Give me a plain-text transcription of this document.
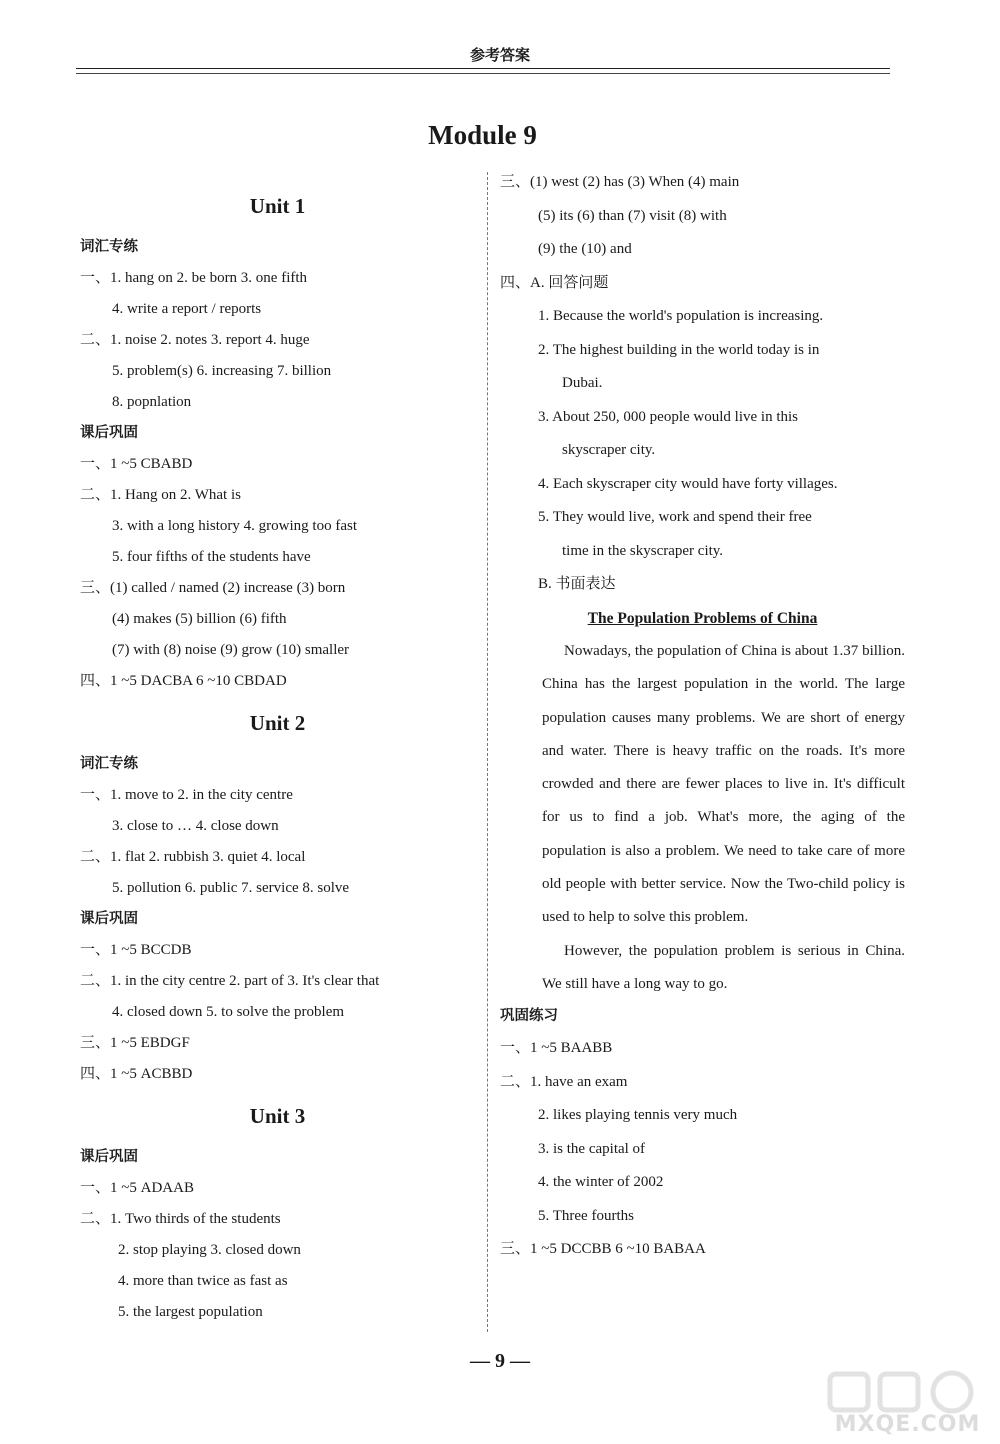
参考答案
Module 9
Unit 1
词汇专练
一、1. hang on 2. be born 3. one fifth
4. write a report / reports
二、1. noise 2. notes 3. report 4. huge
5. problem(s) 6. increasing 7. billion
8. popnlation
课后巩固
一、1 ~5 CBABD
二、1. Hang on 2. What is
3. with a long history 4. growing too fast
5. four fifths of the students have
三、(1) called / named (2) increase (3) born
(4) makes (5) billion (6) fifth
(7) with (8) noise (9) grow (10) smaller
四、1 ~5 DACBA 6 ~10 CBDAD
Unit 2
词汇专练
一、1. move to 2. in the city centre
3. close to … 4. close down
二、1. flat 2. rubbish 3. quiet 4. local
5. pollution 6. public 7. service 8. solve
课后巩固
一、1 ~5 BCCDB
二、1. in the city centre 2. part of 3. It's clear that
4. closed down 5. to solve the problem
三、1 ~5 EBDGF
四、1 ~5 ACBBD
Unit 3
课后巩固
一、1 ~5 ADAAB
二、1. Two thirds of the students
2. stop playing 3. closed down
4. more than twice as fast as
5. the largest population
三、(1) west (2) has (3) When (4) main
(5) its (6) than (7) visit (8) with
(9) the (10) and
四、A. 回答问题
1. Because the world's population is increasing.
2. The highest building in the world today is in
Dubai.
3. About 250, 000 people would live in this
skyscraper city.
4. Each skyscraper city would have forty villages.
5. They would live, work and spend their free
time in the skyscraper city.
B. 书面表达
The Population Problems of China

Nowadays, the population of China is about 1.37 billion. China has the largest population in the world. The large population causes many problems. We are short of energy and water. There is heavy traffic on the roads. It's more crowded and there are fewer places to live in. It's difficult for us to find a job. What's more, the aging of the population is also a problem. We need to take care of more old people with better service. Now the Two-child policy is used to help to solve this problem.

However, the population problem is serious in China. We still have a long way to go.

巩固练习
一、1 ~5 BAABB
二、1. have an exam
2. likes playing tennis very much
3. is the capital of
4. the winter of 2002
5. Three fourths
三、1 ~5 DCCBB 6 ~10 BABAA
— 9 —
MXQE.COM
